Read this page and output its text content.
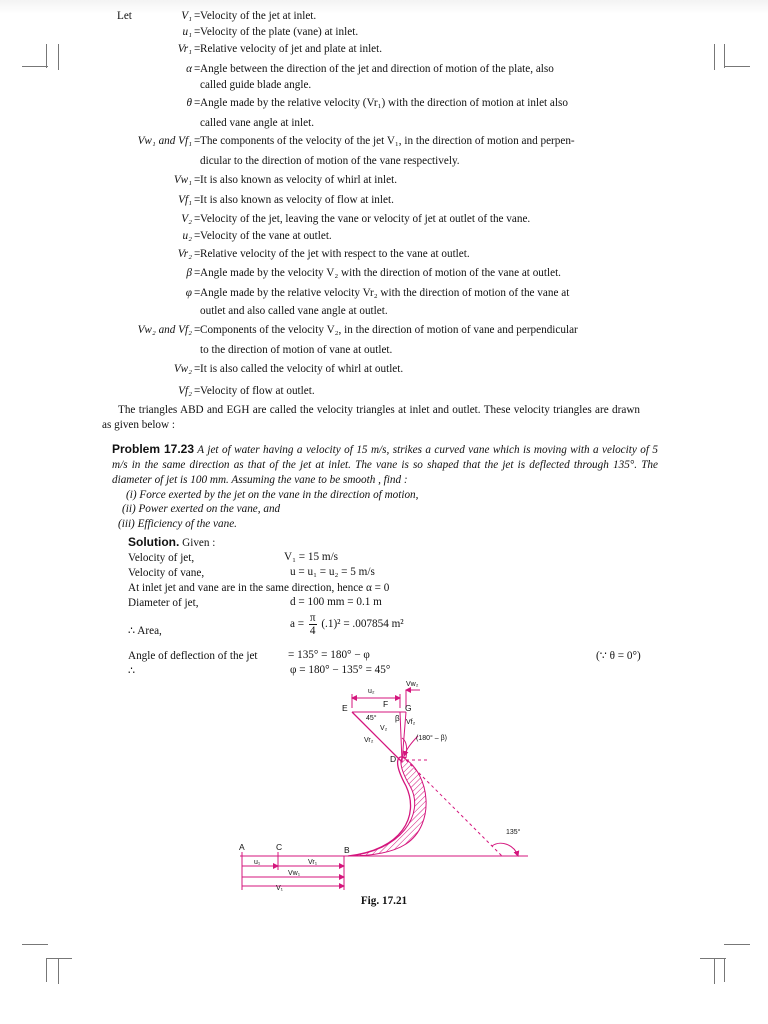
Let	V₁ = Velocity of the jet at inlet.
u₁ = Velocity of the plate (vane) at inlet.
Vr₁ = Relative velocity of jet and plate at inlet.
α = Angle between the direction of the jet and direction of motion of the plate, also
called guide blade angle.
θ = Angle made by the relative velocity (Vr₁) with the direction of motion at inlet also
called vane angle at inlet.
Vw₁ and Vf₁ = The components of the velocity of the jet V₁, in the direction of motion and perpen-
dicular to the direction of motion of the vane respectively.
Vw₁ = It is also known as velocity of whirl at inlet.
Vf₁ = It is also known as velocity of flow at inlet.
V₂ = Velocity of the jet, leaving the vane or velocity of jet at outlet of the vane.
u₂ = Velocity of the vane at outlet.
Vr₂ = Relative velocity of the jet with respect to the vane at outlet.
β = Angle made by the velocity V₂ with the direction of motion of the vane at outlet.
φ = Angle made by the relative velocity Vr₂ with the direction of motion of the vane at
outlet and also called vane angle at outlet.
Vw₂ and Vf₂ = Components of the velocity V₂, in the direction of motion of vane and perpendicular
to the direction of motion of vane at outlet.
Vw₂ = It is also called the velocity of whirl at outlet.
Vf₂ = Velocity of flow at outlet.
The triangles ABD and EGH are called the velocity triangles at inlet and outlet. These velocity triangles are drawn as given below :
Problem 17.23 A jet of water having a velocity of 15 m/s, strikes a curved vane which is moving with a velocity of 5 m/s in the same direction as that of the jet at inlet. The vane is so shaped that the jet is deflected through 135°. The diameter of jet is 100 mm. Assuming the vane to be smooth , find :
(i) Force exerted by the jet on the vane in the direction of motion,
(ii) Power exerted on the vane, and
(iii) Efficiency of the vane.
Solution. Given :
Velocity of jet,	V₁ = 15 m/s
Velocity of vane,	u = u₁ = u₂ = 5 m/s
At inlet jet and vane are in the same direction, hence α = 0
Diameter of jet,	d = 100 mm = 0.1 m
∴ Area,
$a = \frac{\pi}{4} (.1)^2 = .007854$ m²
Angle of deflection of the jet	= 135° = 180° − φ	(∵ θ = 0°)
∴	φ = 180° − 135° = 45°
A	C	B
D
E	F G
u₂
Vw₂
45° β Vf₂
V₂
Vr₂	(180° – β)
135°
u₁	Vr₁
Vw₁
V₁
Fig. 17.21
